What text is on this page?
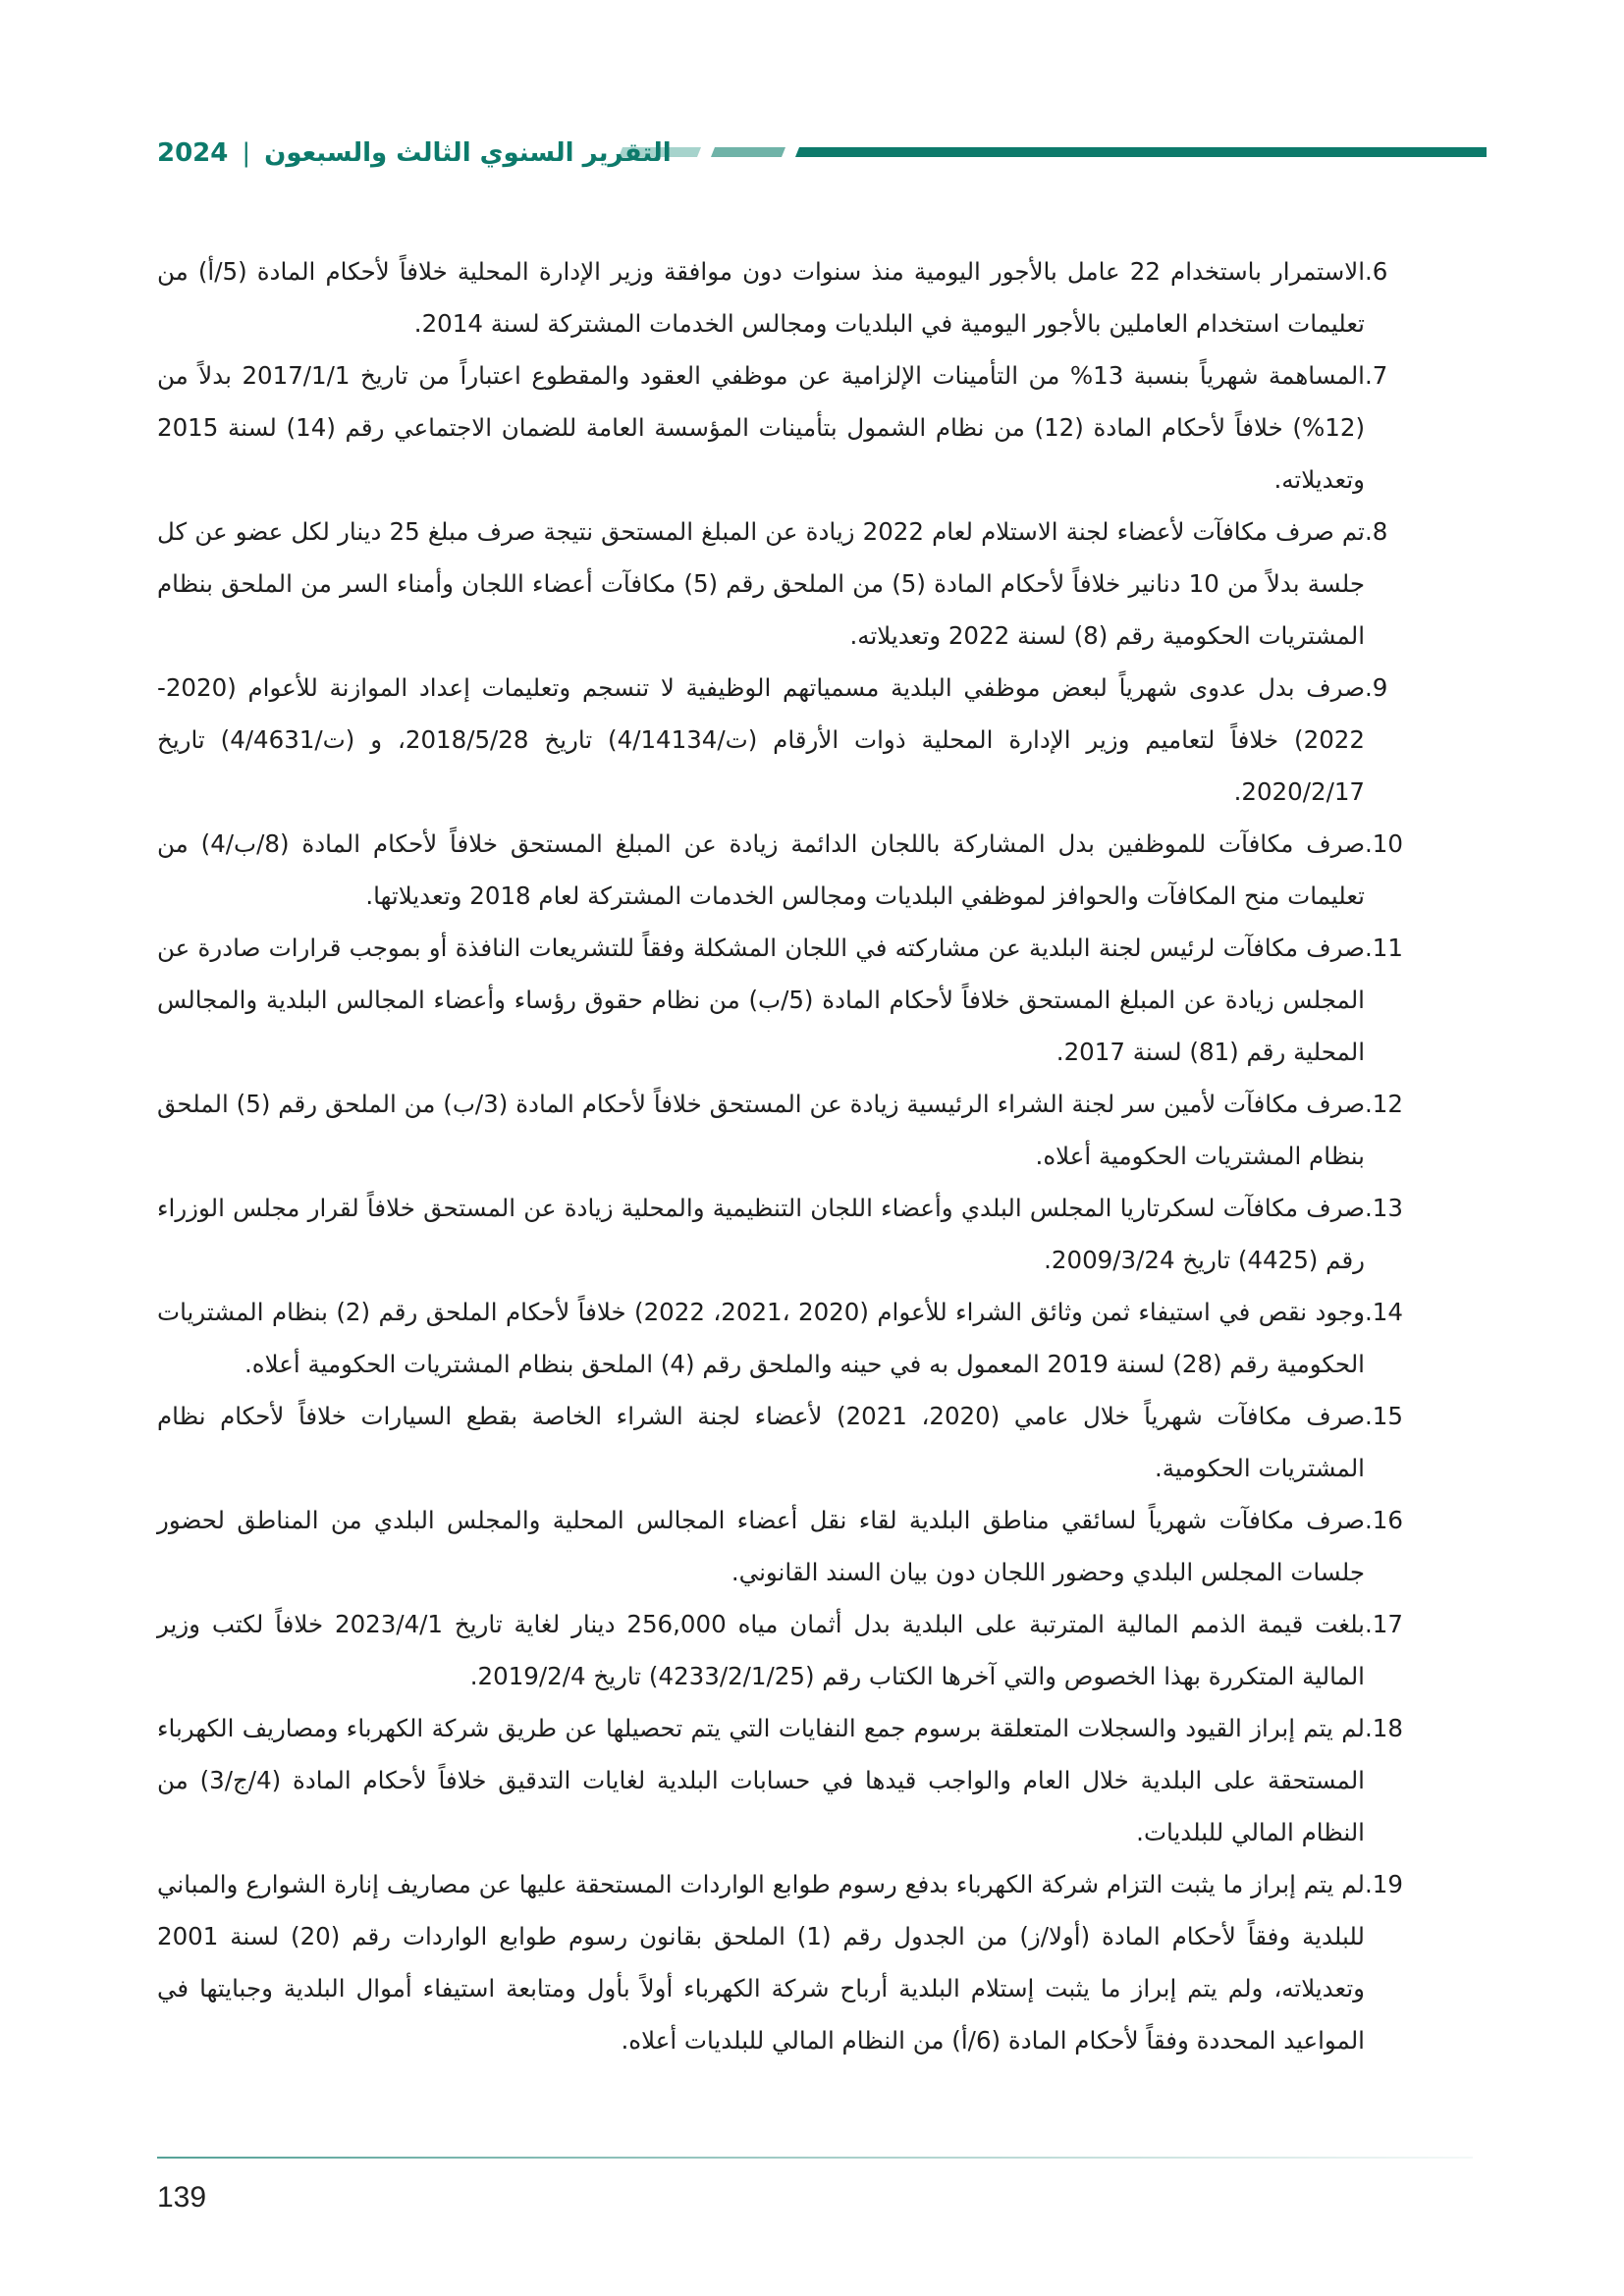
التقرير السنوي الثالث والسبعون
|
2024
.6
الاستمرار باستخدام 22 عامل بالأجور اليومية منذ سنوات دون موافقة وزير الإدارة المحلية خلافاً لأحكام المادة (5/أ) من تعليمات استخدام العاملين بالأجور اليومية في البلديات ومجالس الخدمات المشتركة لسنة 2014.
.7
المساهمة شهرياً بنسبة 13% من التأمينات الإلزامية عن موظفي العقود والمقطوع اعتباراً من تاريخ 2017/1/1 بدلاً من (12%) خلافاً لأحكام المادة (12) من نظام الشمول بتأمينات المؤسسة العامة للضمان الاجتماعي رقم (14) لسنة 2015 وتعديلاته.
.8
تم صرف مكافآت لأعضاء لجنة الاستلام لعام 2022 زيادة عن المبلغ المستحق نتيجة صرف مبلغ 25 دينار لكل عضو عن كل جلسة بدلاً من 10 دنانير خلافاً لأحكام المادة (5) من الملحق رقم (5) مكافآت أعضاء اللجان وأمناء السر من الملحق بنظام المشتريات الحكومية رقم (8) لسنة 2022 وتعديلاته.
.9
صرف بدل عدوى شهرياً لبعض موظفي البلدية مسمياتهم الوظيفية لا تنسجم وتعليمات إعداد الموازنة للأعوام (2020-2022) خلافاً لتعاميم وزير الإدارة المحلية ذوات الأرقام (ت/4/14134) تاريخ 2018/5/28، و (ت/4/4631) تاريخ 2020/2/17.
.10
صرف مكافآت للموظفين بدل المشاركة باللجان الدائمة زيادة عن المبلغ المستحق خلافاً لأحكام المادة (8/ب/4) من تعليمات منح المكافآت والحوافز لموظفي البلديات ومجالس الخدمات المشتركة لعام 2018 وتعديلاتها.
.11
صرف مكافآت لرئيس لجنة البلدية عن مشاركته في اللجان المشكلة وفقاً للتشريعات النافذة أو بموجب قرارات صادرة عن المجلس زيادة عن المبلغ المستحق خلافاً لأحكام المادة (5/ب) من نظام حقوق رؤساء وأعضاء المجالس البلدية والمجالس المحلية رقم (81) لسنة 2017.
.12
صرف مكافآت لأمين سر لجنة الشراء الرئيسية زيادة عن المستحق خلافاً لأحكام المادة (3/ب) من الملحق رقم (5) الملحق بنظام المشتريات الحكومية أعلاه.
.13
صرف مكافآت لسكرتاريا المجلس البلدي وأعضاء اللجان التنظيمية والمحلية زيادة عن المستحق خلافاً لقرار مجلس الوزراء رقم (4425) تاريخ 2009/3/24.
.14
وجود نقص في استيفاء ثمن وثائق الشراء للأعوام (2020 ،2021، 2022) خلافاً لأحكام الملحق رقم (2) بنظام المشتريات الحكومية رقم (28) لسنة 2019 المعمول به في حينه والملحق رقم (4) الملحق بنظام المشتريات الحكومية أعلاه.
.15
صرف مكافآت شهرياً خلال عامي (2020، 2021) لأعضاء لجنة الشراء الخاصة بقطع السيارات خلافاً لأحكام نظام المشتريات الحكومية.
.16
صرف مكافآت شهرياً لسائقي مناطق البلدية لقاء نقل أعضاء المجالس المحلية والمجلس البلدي من المناطق لحضور جلسات المجلس البلدي وحضور اللجان دون بيان السند القانوني.
.17
بلغت قيمة الذمم المالية المترتبة على البلدية بدل أثمان مياه 256,000 دينار لغاية تاريخ 2023/4/1 خلافاً لكتب وزير المالية المتكررة بهذا الخصوص والتي آخرها الكتاب رقم (4233/2/1/25) تاريخ 2019/2/4.
.18
لم يتم إبراز القيود والسجلات المتعلقة برسوم جمع النفايات التي يتم تحصيلها عن طريق شركة الكهرباء ومصاريف الكهرباء المستحقة على البلدية خلال العام والواجب قيدها في حسابات البلدية لغايات التدقيق خلافاً لأحكام المادة (4/ج/3) من النظام المالي للبلديات.
.19
لم يتم إبراز ما يثبت التزام شركة الكهرباء بدفع رسوم طوابع الواردات المستحقة عليها عن مصاريف إنارة الشوارع والمباني للبلدية وفقاً لأحكام المادة (أولا/ز) من الجدول رقم (1) الملحق بقانون رسوم طوابع الواردات رقم (20) لسنة 2001 وتعديلاته، ولم يتم إبراز ما يثبت إستلام البلدية أرباح شركة الكهرباء أولاً بأول ومتابعة استيفاء أموال البلدية وجبايتها في المواعيد المحددة وفقاً لأحكام المادة (6/أ) من النظام المالي للبلديات أعلاه.
139
